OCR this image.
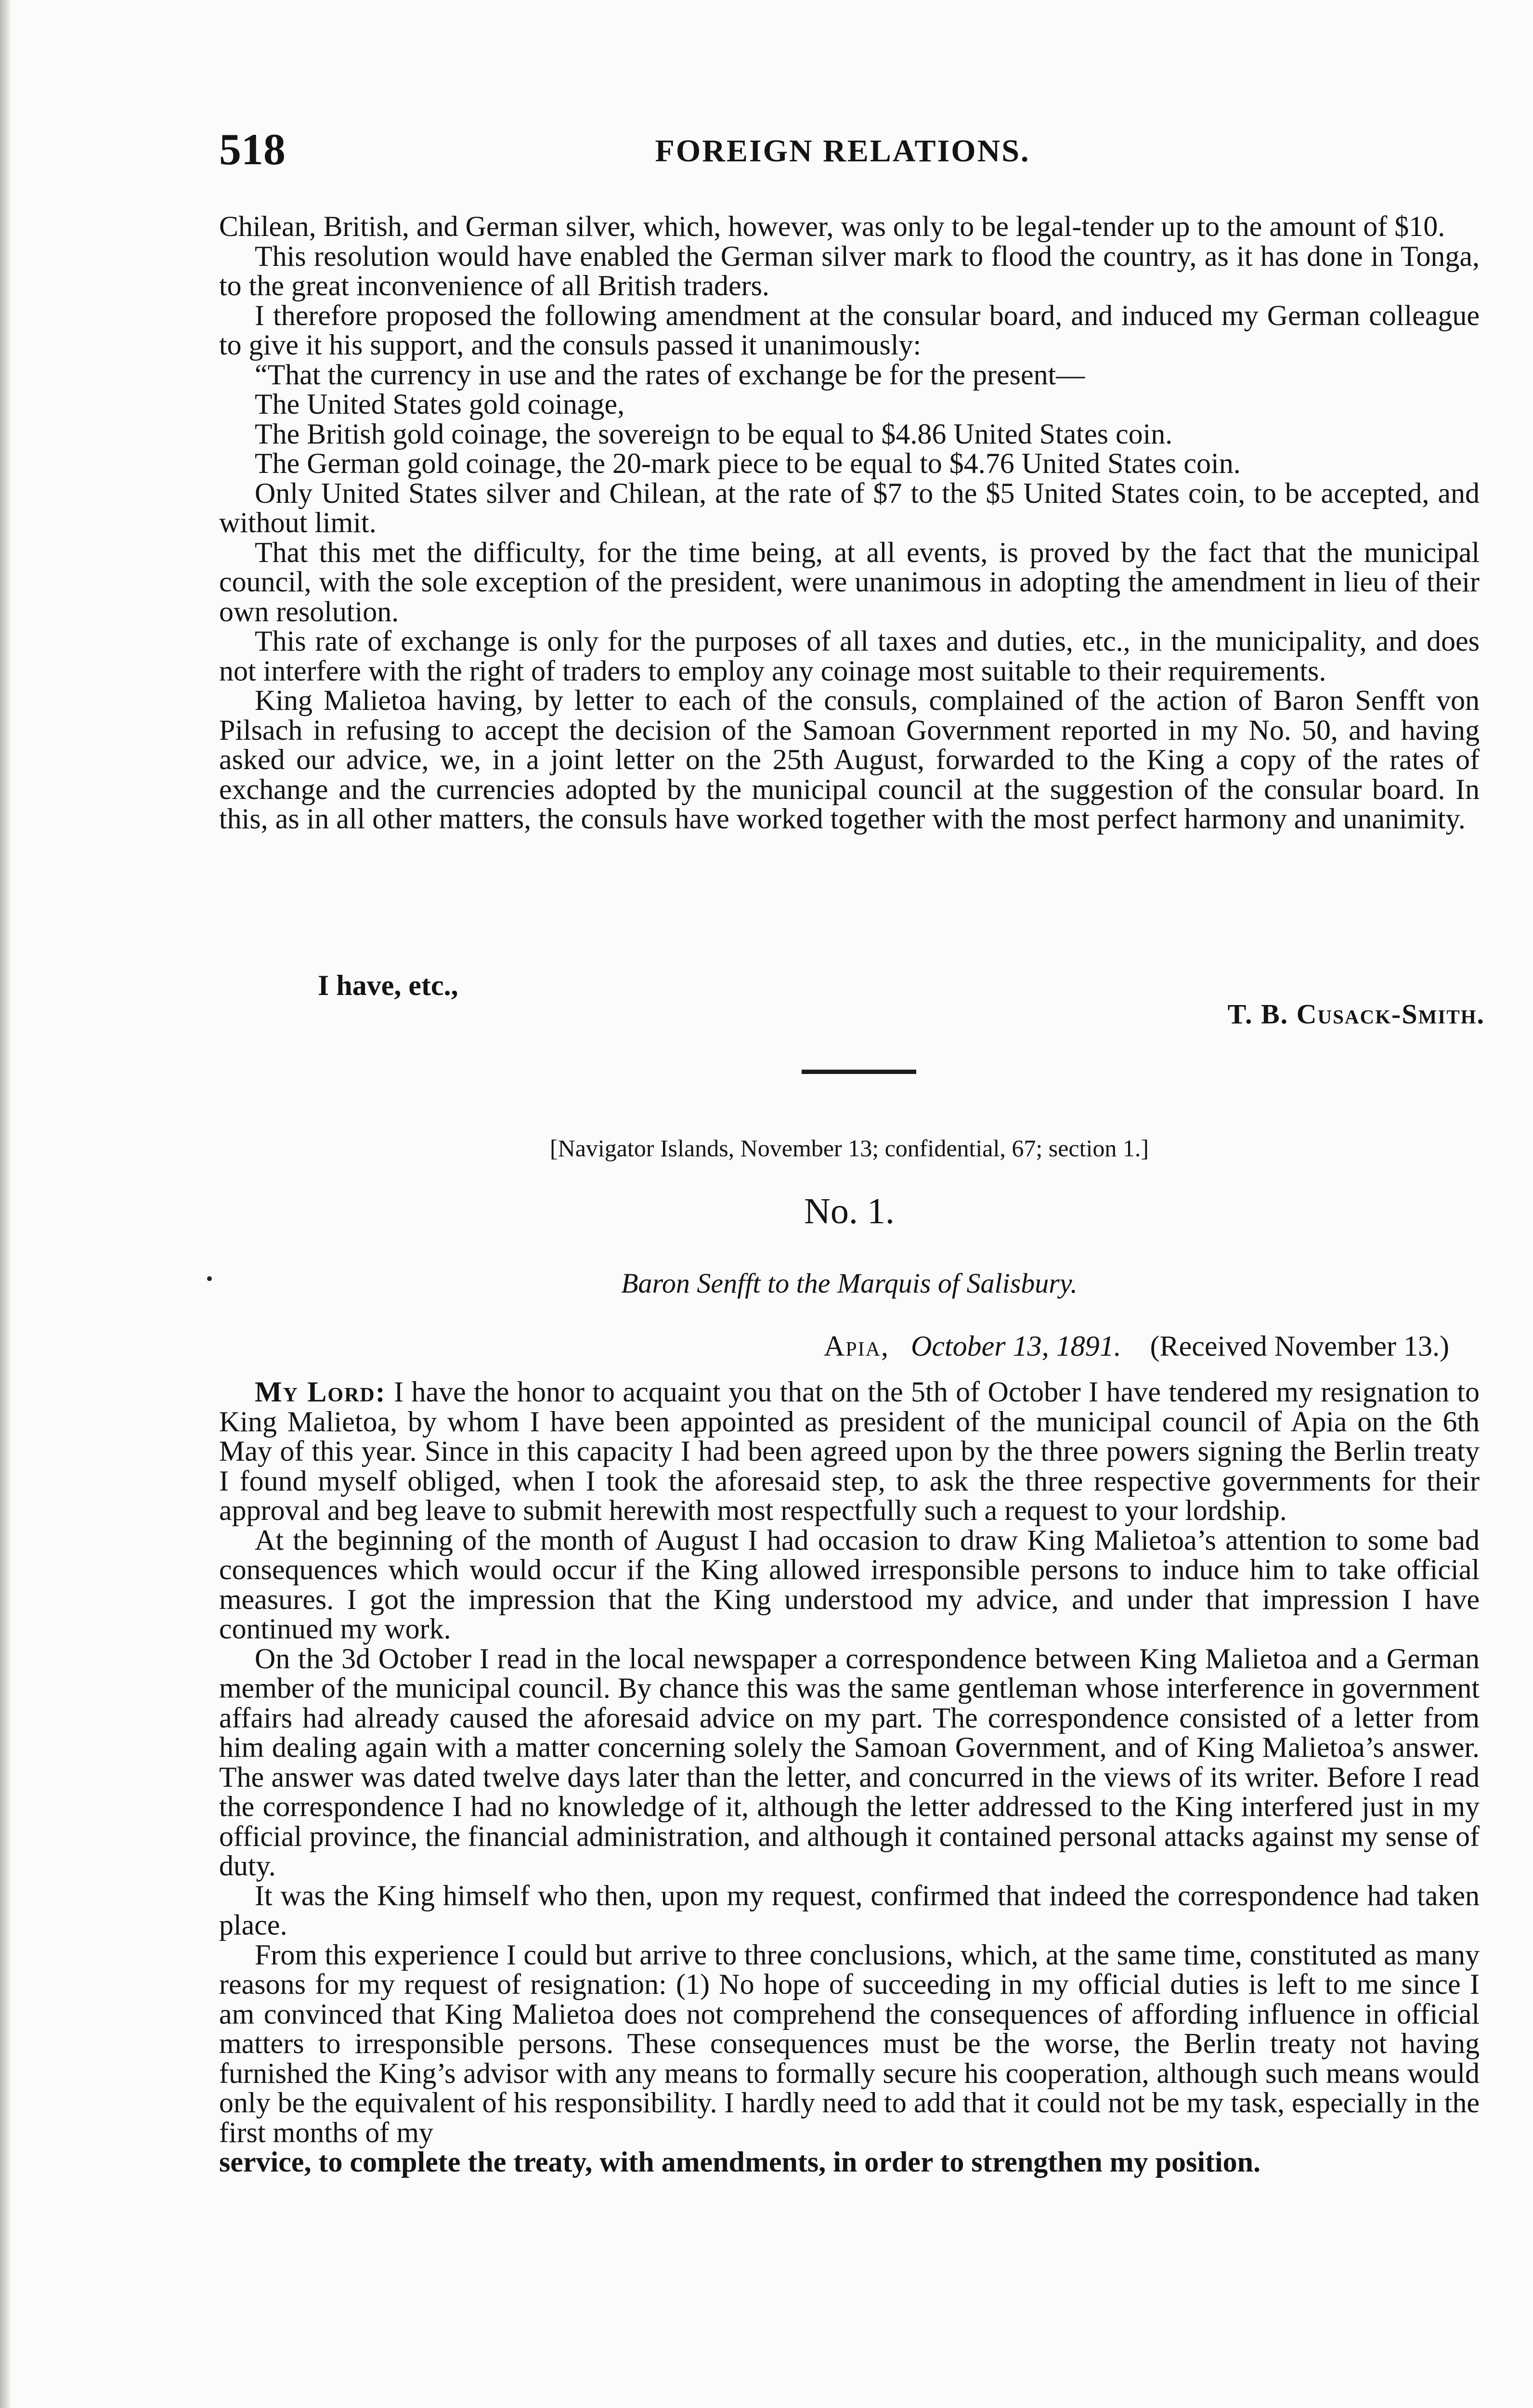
518	FOREIGN RELATIONS.

Chilean, British, and German silver, which, however, was only to be legal-tender up to the amount of $10.

This resolution would have enabled the German silver mark to flood the country, as it has done in Tonga, to the great inconvenience of all British traders.

I therefore proposed the following amendment at the consular board, and induced my German colleague to give it his support, and the consuls passed it unanimously:

“That the currency in use and the rates of exchange be for the present—

The United States gold coinage,

The British gold coinage, the sovereign to be equal to $4.86 United States coin.

The German gold coinage, the 20-mark piece to be equal to $4.76 United States coin.

Only United States silver and Chilean, at the rate of $7 to the $5 United States coin, to be accepted, and without limit.

That this met the difficulty, for the time being, at all events, is proved by the fact that the municipal council, with the sole exception of the president, were unanimous in adopting the amendment in lieu of their own resolution.

This rate of exchange is only for the purposes of all taxes and duties, etc., in the municipality, and does not interfere with the right of traders to employ any coinage most suitable to their requirements.

King Malietoa having, by letter to each of the consuls, complained of the action of Baron Senfft von Pilsach in refusing to accept the decision of the Samoan Government reported in my No. 50, and having asked our advice, we, in a joint letter on the 25th August, forwarded to the King a copy of the rates of exchange and the currencies adopted by the municipal council at the suggestion of the consular board. In this, as in all other matters, the consuls have worked together with the most perfect harmony and unanimity.

I have, etc.,
T. B. Cusack-Smith.
[Navigator Islands, November 13; confidential, 67; section 1.]
No. 1.
Baron Senfft to the Marquis of Salisbury.
Apia, October 13, 1891. (Received November 13.)

My Lord: I have the honor to acquaint you that on the 5th of October I have tendered my resignation to King Malietoa, by whom I have been appointed as president of the municipal council of Apia on the 6th May of this year. Since in this capacity I had been agreed upon by the three powers signing the Berlin treaty I found myself obliged, when I took the aforesaid step, to ask the three respective governments for their approval and beg leave to submit herewith most respectfully such a request to your lordship.

At the beginning of the month of August I had occasion to draw King Malietoa’s attention to some bad consequences which would occur if the King allowed irresponsible persons to induce him to take official measures. I got the impression that the King understood my advice, and under that impression I have continued my work.

On the 3d October I read in the local newspaper a correspondence between King Malietoa and a German member of the municipal council. By chance this was the same gentleman whose interference in government affairs had already caused the aforesaid advice on my part. The correspondence consisted of a letter from him dealing again with a matter concerning solely the Samoan Government, and of King Malietoa’s answer. The answer was dated twelve days later than the letter, and concurred in the views of its writer. Before I read the correspondence I had no knowledge of it, although the letter addressed to the King interfered just in my official province, the financial administration, and although it contained personal attacks against my sense of duty.

It was the King himself who then, upon my request, confirmed that indeed the correspondence had taken place.

From this experience I could but arrive to three conclusions, which, at the same time, constituted as many reasons for my request of resignation: (1) No hope of succeeding in my official duties is left to me since I am convinced that King Malietoa does not comprehend the consequences of affording influence in official matters to irresponsible persons. These consequences must be the worse, the Berlin treaty not having furnished the King’s advisor with any means to formally secure his cooperation, although such means would only be the equivalent of his responsibility. I hardly need to add that it could not be my task, especially in the first months of my

service, to complete the treaty, with amendments, in order to strengthen my position.
